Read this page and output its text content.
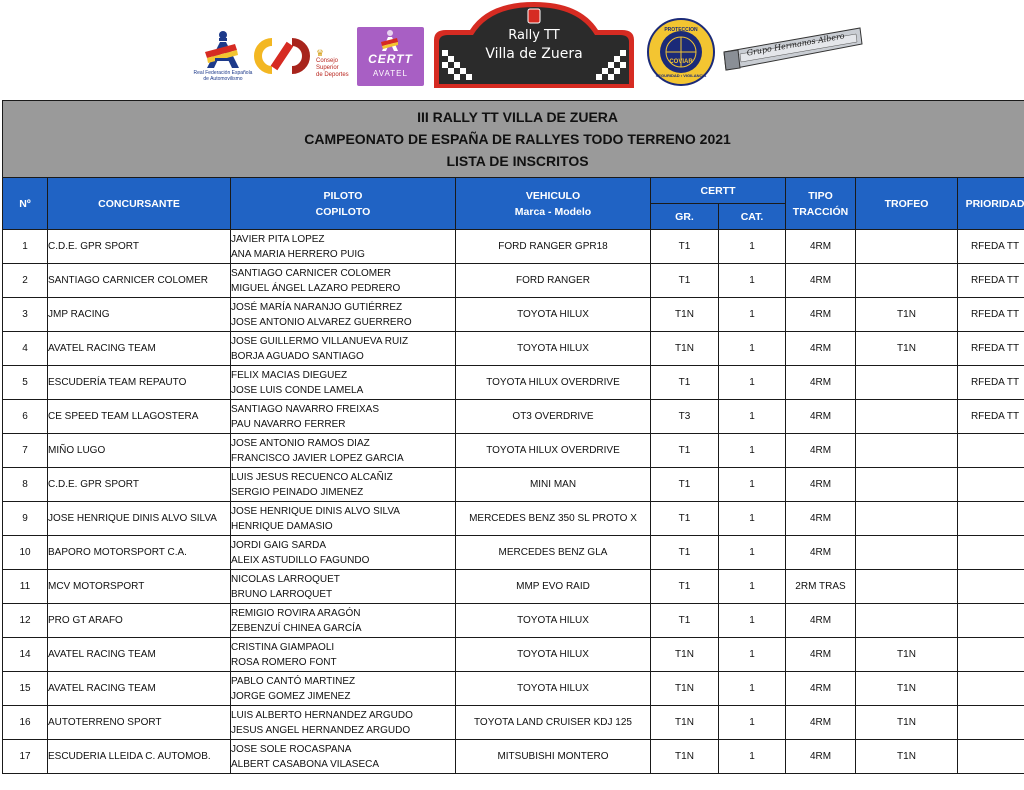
Real Federación Española de Automovilismo
♛
Consejo
Superior
de Deportes
CERTT
AVATEL
Rally TT
Villa de Zuera
PROTECCION
COVIAR
SEGURIDAD • VIGILANCIA
Grupo Hermanos Albero
III RALLY TT VILLA DE ZUERA
CAMPEONATO DE ESPAÑA DE RALLYES TODO TERRENO 2021
LISTA DE INSCRITOS								

Nº	CONCURSANTE	PILOTO
COPILOTO	VEHICULO
Marca - Modelo	CERTT		TIPO
TRACCIÓN	TROFEO	PRIORIDAD
				GR.	CAT.			
1	C.D.E. GPR SPORT	JAVIER PITA LOPEZ
ANA MARIA HERRERO PUIG	FORD RANGER GPR18	T1	1	4RM		RFEDA TT
2	SANTIAGO CARNICER COLOMER	SANTIAGO CARNICER COLOMER
MIGUEL ÁNGEL LAZARO PEDRERO	FORD RANGER	T1	1	4RM		RFEDA TT
3	JMP RACING	JOSÉ MARÍA NARANJO GUTIÉRREZ
JOSE ANTONIO ALVAREZ GUERRERO	TOYOTA HILUX	T1N	1	4RM	T1N	RFEDA TT
4	AVATEL RACING TEAM	JOSE GUILLERMO VILLANUEVA RUIZ
BORJA AGUADO SANTIAGO	TOYOTA HILUX	T1N	1	4RM	T1N	RFEDA TT
5	ESCUDERÍA TEAM REPAUTO	FELIX MACIAS DIEGUEZ
JOSE LUIS CONDE LAMELA	TOYOTA HILUX OVERDRIVE	T1	1	4RM		RFEDA TT
6	CE SPEED TEAM LLAGOSTERA	SANTIAGO NAVARRO FREIXAS
PAU NAVARRO FERRER	OT3 OVERDRIVE	T3	1	4RM		RFEDA TT
7	MIÑO LUGO	JOSE ANTONIO RAMOS DIAZ
FRANCISCO JAVIER LOPEZ GARCIA	TOYOTA HILUX OVERDRIVE	T1	1	4RM		
8	C.D.E. GPR SPORT	LUIS JESUS RECUENCO ALCAÑIZ
SERGIO PEINADO JIMENEZ	MINI MAN	T1	1	4RM		
9	JOSE HENRIQUE DINIS ALVO SILVA	JOSE HENRIQUE DINIS ALVO SILVA
HENRIQUE DAMASIO	MERCEDES BENZ 350 SL PROTO X	T1	1	4RM		
10	BAPORO MOTORSPORT C.A.	JORDI GAIG SARDA
ALEIX ASTUDILLO FAGUNDO	MERCEDES BENZ GLA	T1	1	4RM		
11	MCV MOTORSPORT	NICOLAS LARROQUET
BRUNO LARROQUET	MMP EVO RAID	T1	1	2RM TRAS		
12	PRO GT ARAFO	REMIGIO ROVIRA ARAGÓN
ZEBENZUÍ CHINEA GARCÍA	TOYOTA HILUX	T1	1	4RM		
14	AVATEL RACING TEAM	CRISTINA GIAMPAOLI
ROSA ROMERO FONT	TOYOTA HILUX	T1N	1	4RM	T1N	
15	AVATEL RACING TEAM	PABLO CANTÓ MARTINEZ
JORGE GOMEZ JIMENEZ	TOYOTA HILUX	T1N	1	4RM	T1N	
16	AUTOTERRENO SPORT	LUIS ALBERTO HERNANDEZ ARGUDO
JESUS ANGEL HERNANDEZ ARGUDO	TOYOTA LAND CRUISER KDJ 125	T1N	1	4RM	T1N	
17	ESCUDERIA LLEIDA C. AUTOMOB.	JOSE SOLE ROCASPANA
ALBERT CASABONA VILASECA	MITSUBISHI MONTERO	T1N	1	4RM	T1N	
